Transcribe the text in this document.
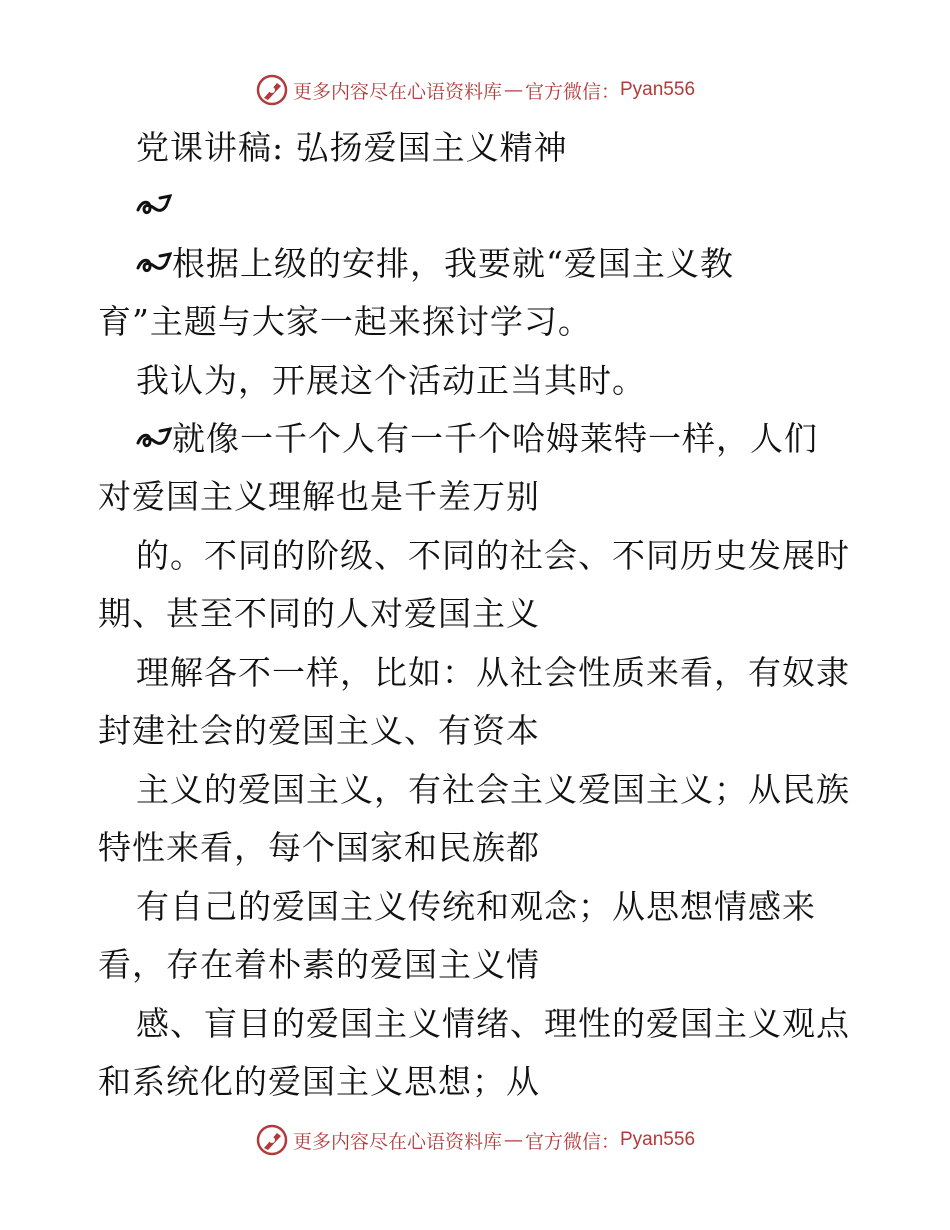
更多内容尽在心语资料库 — 官方微信： Pyan556
党课讲稿: 弘扬爱国主义精神
根据上级的安排，我要就“爱国主义教
育”主题与大家一起来探讨学习。
我认为，开展这个活动正当其时。
就像一千个人有一千个哈姆莱特一样，人们
对爱国主义理解也是千差万别
的。不同的阶级、不同的社会、不同历史发展时
期、甚至不同的人对爱国主义
理解各不一样，比如：从社会性质来看，有奴隶
封建社会的爱国主义、有资本
主义的爱国主义，有社会主义爱国主义；从民族
特性来看，每个国家和民族都
有自己的爱国主义传统和观念；从思想情感来
看，存在着朴素的爱国主义情
感、盲目的爱国主义情绪、理性的爱国主义观点
和系统化的爱国主义思想；从
更多内容尽在心语资料库 — 官方微信： Pyan556
